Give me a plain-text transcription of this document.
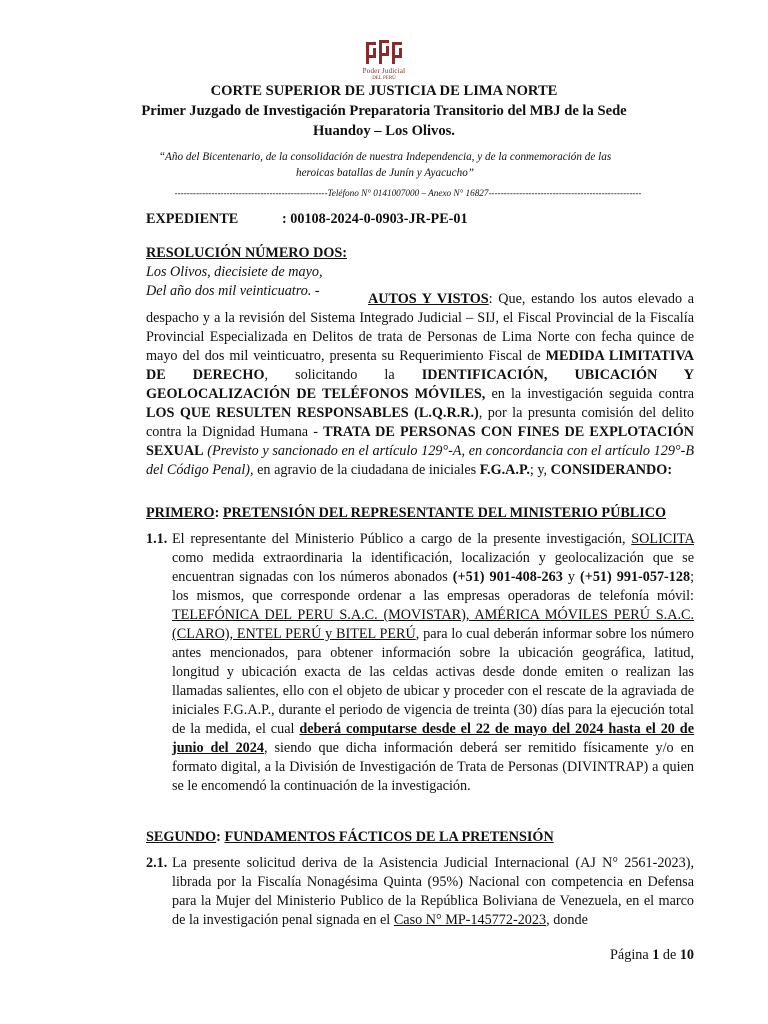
Poder Judicial
DEL PERÚ
CORTE SUPERIOR DE JUSTICIA DE LIMA NORTE
Primer Juzgado de Investigación Preparatoria Transitorio del MBJ de la Sede Huandoy – Los Olivos.
“Año del Bicentenario, de la consolidación de nuestra Independencia, y de la conmemoración de las heroicas batallas de Junín y Ayacucho”
--------------------------------------------------Teléfono N° 0141007000 – Anexo N° 16827--------------------------------------------------
EXPEDIENTE	: 00108-2024-0-0903-JR-PE-01
RESOLUCIÓN NÚMERO DOS:
Los Olivos, diecisiete de mayo,
Del año dos mil veinticuatro. -	AUTOS Y VISTOS: Que, estando los autos elevado a despacho y a la revisión del Sistema Integrado Judicial – SIJ, el Fiscal Provincial de la Fiscalía Provincial Especializada en Delitos de trata de Personas de Lima Norte con fecha quince de mayo del dos mil veinticuatro, presenta su Requerimiento Fiscal de MEDIDA LIMITATIVA DE DERECHO, solicitando la IDENTIFICACIÓN, UBICACIÓN Y GEOLOCALIZACIÓN DE TELÉFONOS MÓVILES, en la investigación seguida contra LOS QUE RESULTEN RESPONSABLES (L.Q.R.R.), por la presunta comisión del delito contra la Dignidad Humana - TRATA DE PERSONAS CON FINES DE EXPLOTACIÓN SEXUAL (Previsto y sancionado en el artículo 129°-A, en concordancia con el artículo 129°-B del Código Penal), en agravio de la ciudadana de iniciales F.G.A.P.; y, CONSIDERANDO:
PRIMERO: PRETENSIÓN DEL REPRESENTANTE DEL MINISTERIO PÚBLICO
1.1. El representante del Ministerio Público a cargo de la presente investigación, SOLICITA como medida extraordinaria la identificación, localización y geolocalización que se encuentran signadas con los números abonados (+51) 901-408-263 y (+51) 991-057-128; los mismos, que corresponde ordenar a las empresas operadoras de telefonía móvil: TELEFÓNICA DEL PERU S.A.C. (MOVISTAR), AMÉRICA MÓVILES PERÚ S.A.C. (CLARO), ENTEL PERÚ y BITEL PERÚ, para lo cual deberán informar sobre los número antes mencionados, para obtener información sobre la ubicación geográfica, latitud, longitud y ubicación exacta de las celdas activas desde donde emiten o realizan las llamadas salientes, ello con el objeto de ubicar y proceder con el rescate de la agraviada de iniciales F.G.A.P., durante el periodo de vigencia de treinta (30) días para la ejecución total de la medida, el cual deberá computarse desde el 22 de mayo del 2024 hasta el 20 de junio del 2024, siendo que dicha información deberá ser remitido físicamente y/o en formato digital, a la División de Investigación de Trata de Personas (DIVINTRAP) a quien se le encomendó la continuación de la investigación.
SEGUNDO: FUNDAMENTOS FÁCTICOS DE LA PRETENSIÓN
2.1. La presente solicitud deriva de la Asistencia Judicial Internacional (AJ N° 2561-2023), librada por la Fiscalía Nonagésima Quinta (95%) Nacional con competencia en Defensa para la Mujer del Ministerio Publico de la República Boliviana de Venezuela, en el marco de la investigación penal signada en el Caso N° MP-145772-2023, donde
Página 1 de 10
